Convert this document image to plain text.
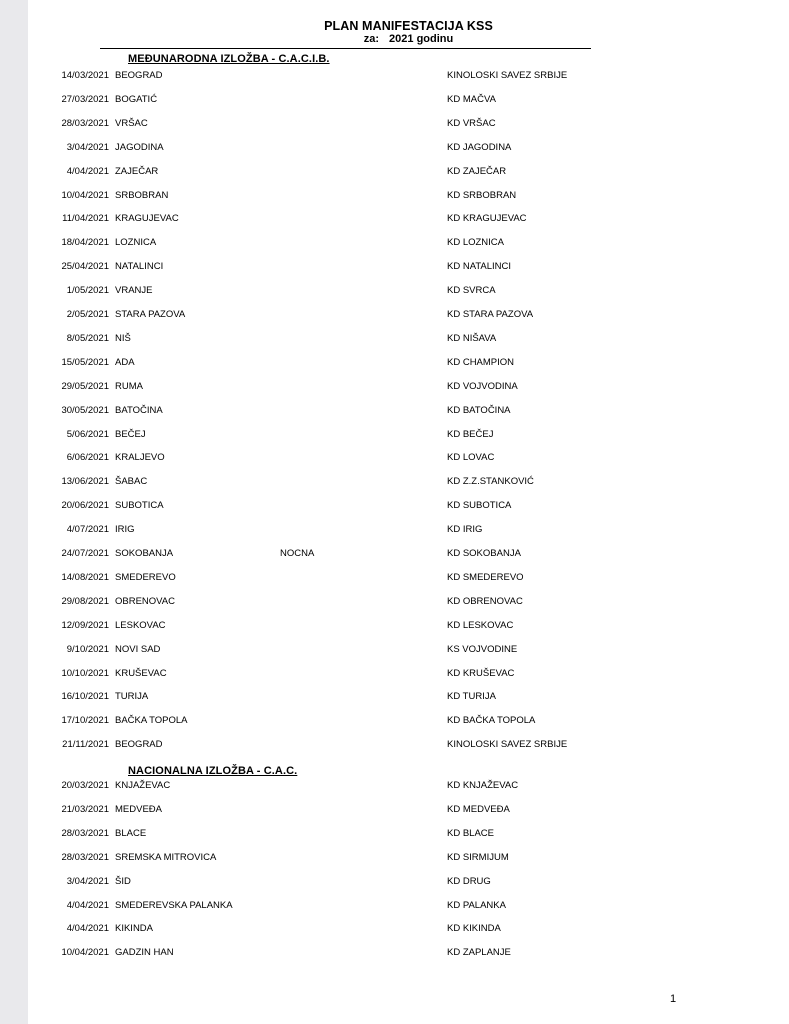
PLAN MANIFESTACIJA KSS
za: 2021 godinu
MEĐUNARODNA IZLOŽBA - C.A.C.I.B.
14/03/2021 BEOGRAD	KINOLOSKI SAVEZ SRBIJE
27/03/2021 BOGATIĆ	KD MAČVA
28/03/2021 VRŠAC	KD VRŠAC
3/04/2021 JAGODINA	KD JAGODINA
4/04/2021 ZAJEČAR	KD ZAJEČAR
10/04/2021 SRBOBRAN	KD SRBOBRAN
11/04/2021 KRAGUJEVAC	KD KRAGUJEVAC
18/04/2021 LOZNICA	KD LOZNICA
25/04/2021 NATALINCI	KD NATALINCI
1/05/2021 VRANJE	KD SVRCA
2/05/2021 STARA PAZOVA	KD STARA PAZOVA
8/05/2021 NIŠ	KD NIŠAVA
15/05/2021 ADA	KD CHAMPION
29/05/2021 RUMA	KD VOJVODINA
30/05/2021 BATOČINA	KD BATOČINA
5/06/2021 BEČEJ	KD BEČEJ
6/06/2021 KRALJEVO	KD LOVAC
13/06/2021 ŠABAC	KD Z.Z.STANKOVIĆ
20/06/2021 SUBOTICA	KD SUBOTICA
4/07/2021 IRIG	KD IRIG
24/07/2021 SOKOBANJA	NOCNA	KD SOKOBANJA
14/08/2021 SMEDEREVO	KD SMEDEREVO
29/08/2021 OBRENOVAC	KD OBRENOVAC
12/09/2021 LESKOVAC	KD LESKOVAC
9/10/2021 NOVI SAD	KS VOJVODINE
10/10/2021 KRUŠEVAC	KD KRUŠEVAC
16/10/2021 TURIJA	KD TURIJA
17/10/2021 BAČKA TOPOLA	KD BAČKA TOPOLA
21/11/2021 BEOGRAD	KINOLOSKI SAVEZ SRBIJE
NACIONALNA IZLOŽBA - C.A.C.
20/03/2021 KNJAŽEVAC	KD KNJAŽEVAC
21/03/2021 MEDVEĐA	KD MEDVEĐA
28/03/2021 BLACE	KD BLACE
28/03/2021 SREMSKA MITROVICA	KD SIRMIJUM
3/04/2021 ŠID	KD DRUG
4/04/2021 SMEDEREVSKA PALANKA	KD PALANKA
4/04/2021 KIKINDA	KD KIKINDA
10/04/2021 GADZIN HAN	KD ZAPLANJE
1
